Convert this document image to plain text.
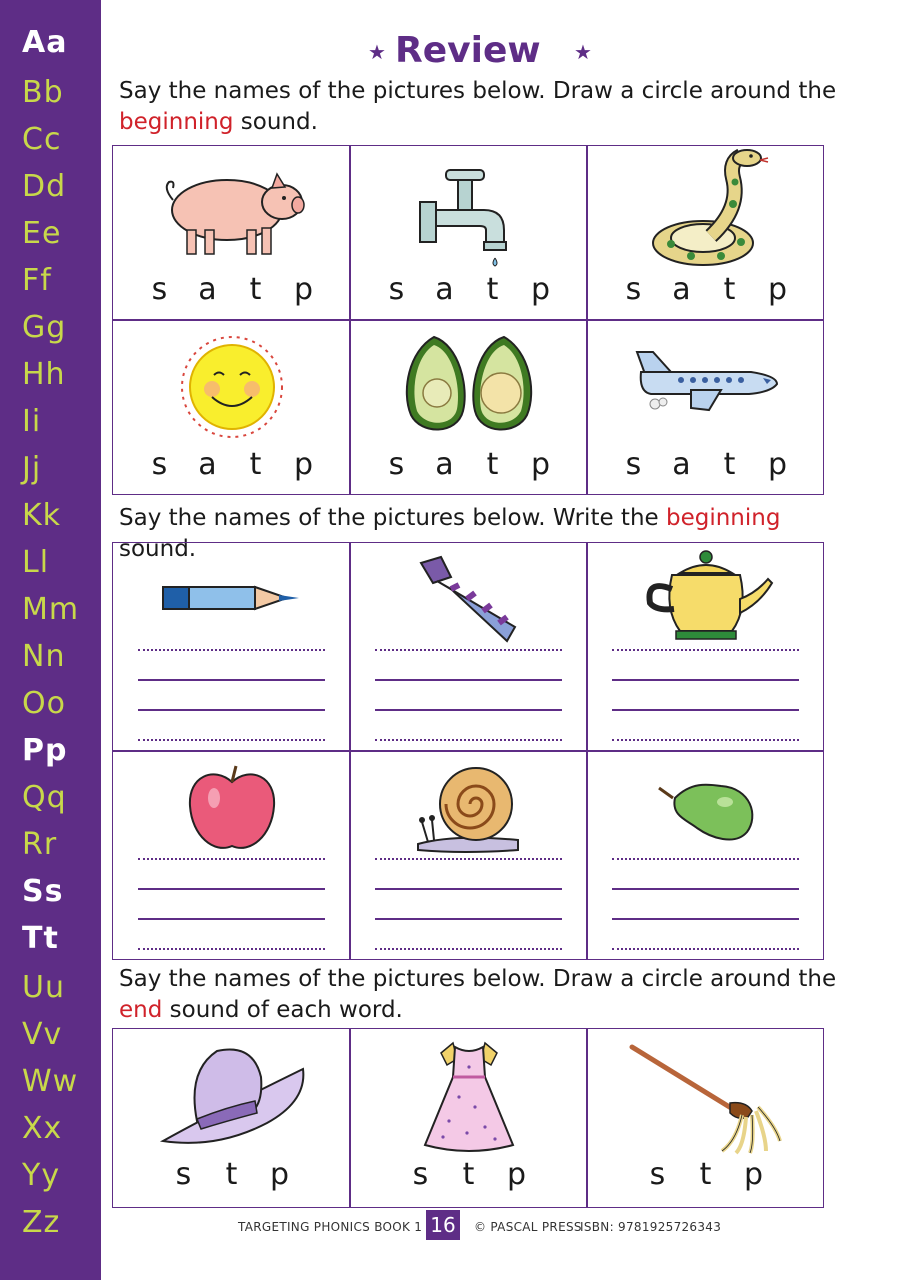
Aa
Bb
Cc
Dd
Ee
Ff
Gg
Hh
Ii
Jj
Kk
Ll
Mm
Nn
Oo
Pp
Qq
Rr
Ss
Tt
Uu
Vv
Ww
Xx
Yy
Zz
★ Review ★
Say the names of the pictures below. Draw a circle around the
beginning sound.
s a t p	s a t p	s a t p
s a t p	s a t p	s a t p
Say the names of the pictures below. Write the beginning sound.
Say the names of the pictures below. Draw a circle around the
end sound of each word.
s t p	s t p	s t p
TARGETING PHONICS BOOK 1	© PASCAL PRESS
ISBN: 9781925726343
16
